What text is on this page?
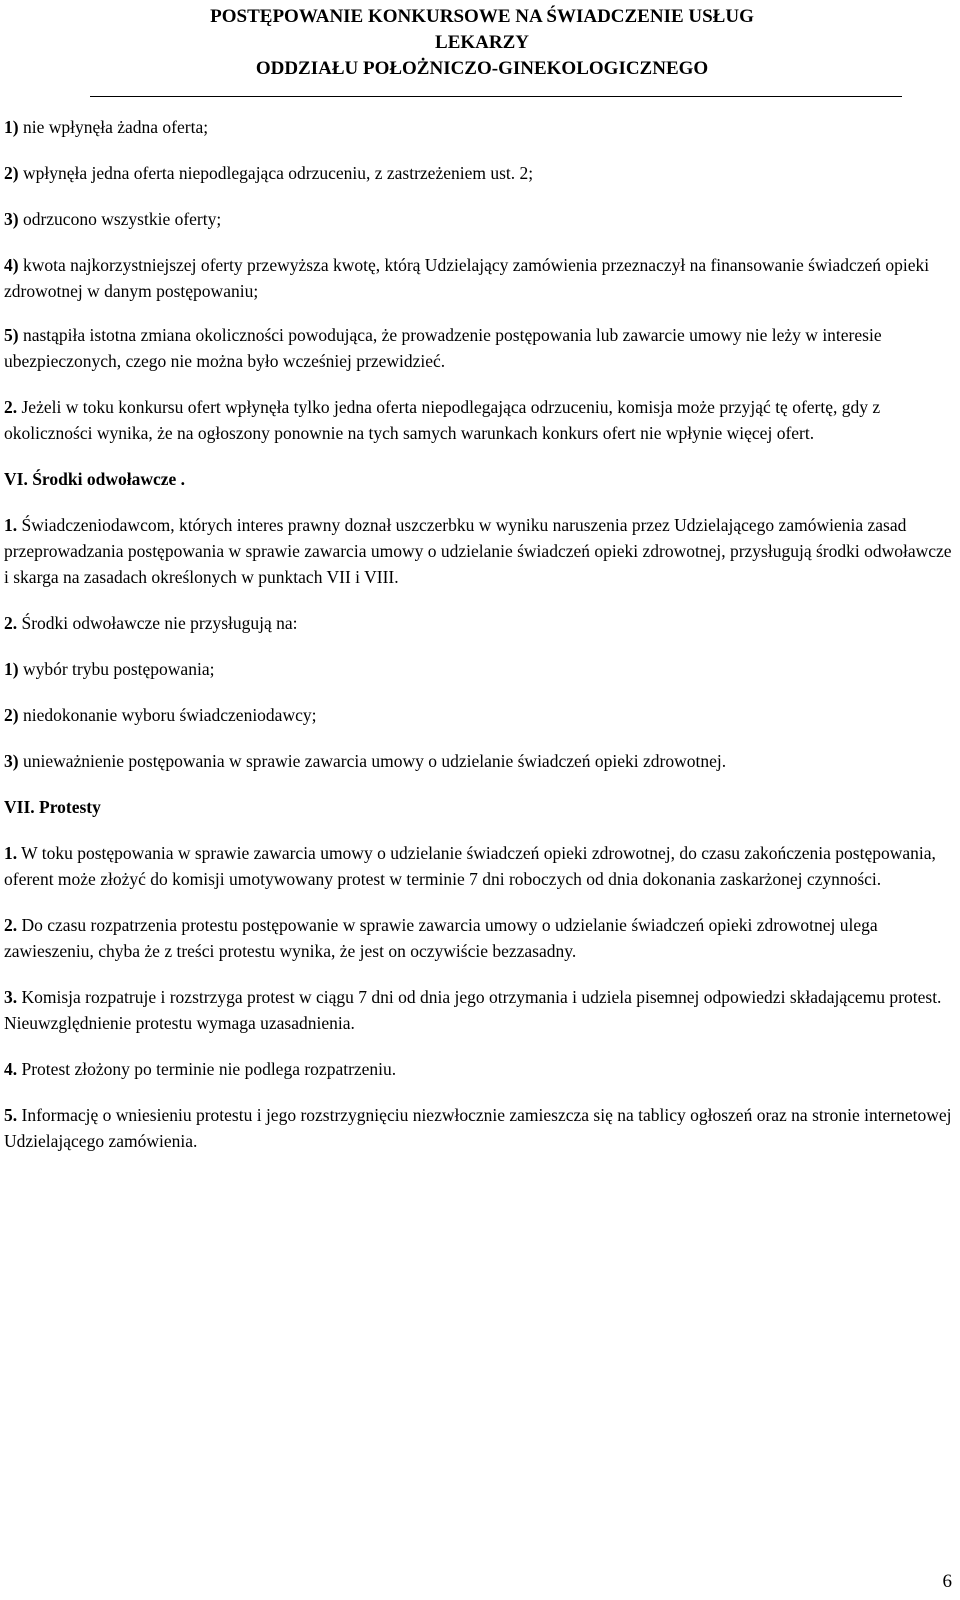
POSTĘPOWANIE KONKURSOWE NA ŚWIADCZENIE USŁUG
LEKARZY
ODDZIAŁU POŁOŻNICZO-GINEKOLOGICZNEGO

1) nie wpłynęła żadna oferta;

2) wpłynęła jedna oferta niepodlegająca odrzuceniu, z zastrzeżeniem ust. 2;

3) odrzucono wszystkie oferty;

4) kwota najkorzystniejszej oferty przewyższa kwotę, którą Udzielający zamówienia przeznaczył na finansowanie świadczeń opieki zdrowotnej w danym postępowaniu;

5) nastąpiła istotna zmiana okoliczności powodująca, że prowadzenie postępowania lub zawarcie umowy nie leży w interesie ubezpieczonych, czego nie można było wcześniej przewidzieć.

2. Jeżeli w toku konkursu ofert wpłynęła tylko jedna oferta niepodlegająca odrzuceniu, komisja może przyjąć tę ofertę, gdy z okoliczności wynika, że na ogłoszony ponownie na tych samych warunkach konkurs ofert nie wpłynie więcej ofert.

VI. Środki odwoławcze .

1. Świadczeniodawcom, których interes prawny doznał uszczerbku w wyniku naruszenia przez Udzielającego zamówienia zasad przeprowadzania postępowania w sprawie zawarcia umowy o udzielanie świadczeń opieki zdrowotnej, przysługują środki odwoławcze i skarga na zasadach określonych w punktach VII i VIII.

2. Środki odwoławcze nie przysługują na:

1) wybór trybu postępowania;

2) niedokonanie wyboru świadczeniodawcy;

3) unieważnienie postępowania w sprawie zawarcia umowy o udzielanie świadczeń opieki zdrowotnej.

VII. Protesty

1. W toku postępowania w sprawie zawarcia umowy o udzielanie świadczeń opieki zdrowotnej, do czasu zakończenia postępowania, oferent może złożyć do komisji umotywowany protest w terminie 7 dni roboczych od dnia dokonania zaskarżonej czynności.

2. Do czasu rozpatrzenia protestu postępowanie w sprawie zawarcia umowy o udzielanie świadczeń opieki zdrowotnej ulega zawieszeniu, chyba że z treści protestu wynika, że jest on oczywiście bezzasadny.

3. Komisja rozpatruje i rozstrzyga protest w ciągu 7 dni od dnia jego otrzymania i udziela pisemnej odpowiedzi składającemu protest. Nieuwzględnienie protestu wymaga uzasadnienia.

4. Protest złożony po terminie nie podlega rozpatrzeniu.

5. Informację o wniesieniu protestu i jego rozstrzygnięciu niezwłocznie zamieszcza się na tablicy ogłoszeń oraz na stronie internetowej Udzielającego zamówienia.

6
